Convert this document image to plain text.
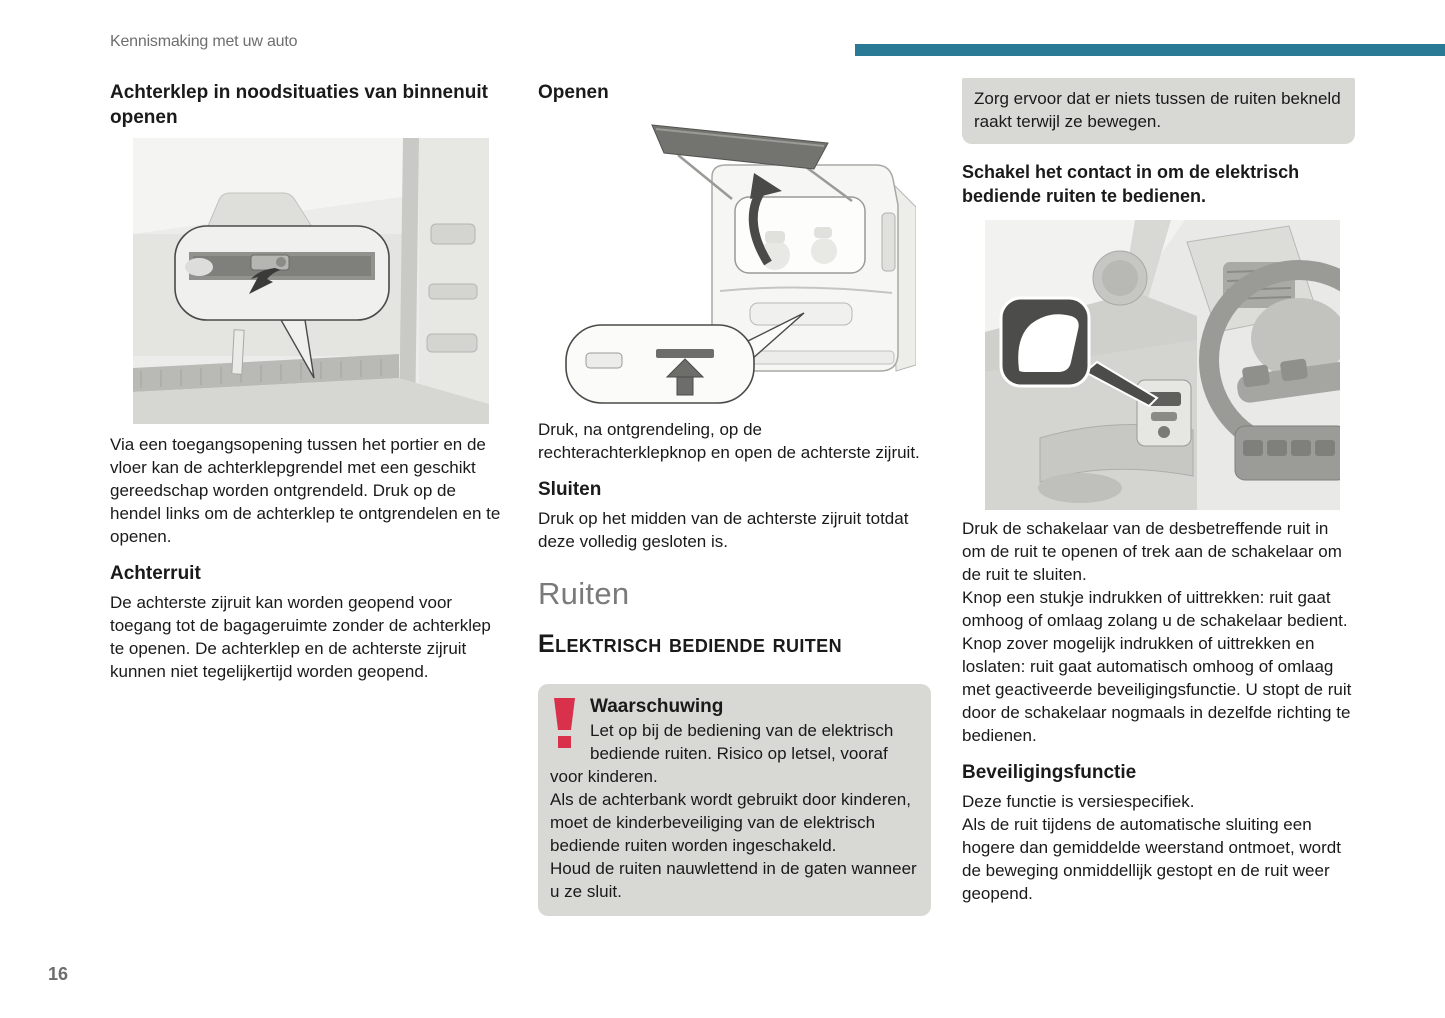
Kennismaking met uw auto
Achterklep in noodsituaties van binnenuit openen

Via een toegangsopening tussen het portier en de vloer kan de achterklepgrendel met een geschikt gereedschap worden ontgrendeld. Druk op de hendel links om de achterklep te ontgrendelen en te openen.

Achterruit

De achterste zijruit kan worden geopend voor toegang tot de bagageruimte zonder de achterklep te openen. De achterklep en de achterste zijruit kunnen niet tegelijkertijd worden geopend.

Openen

Druk, na ontgrendeling, op de rechterachterklepknop en open de achterste zijruit.

Sluiten

Druk op het midden van de achterste zijruit totdat deze volledig gesloten is.

Ruiten
Elektrisch bediende ruiten
Waarschuwing

Let op bij de bediening van de elektrisch bediende ruiten. Risico op letsel, vooraf voor kinderen.

Als de achterbank wordt gebruikt door kinderen, moet de kinderbeveiliging van de elektrisch bediende ruiten worden ingeschakeld.

Houd de ruiten nauwlettend in de gaten wanneer u ze sluit.

Zorg ervoor dat er niets tussen de ruiten bekneld raakt terwijl ze bewegen.

Schakel het contact in om de elektrisch bediende ruiten te bedienen.

Druk de schakelaar van de desbetreffende ruit in om de ruit te openen of trek aan de schakelaar om de ruit te sluiten.

Knop een stukje indrukken of uittrekken: ruit gaat omhoog of omlaag zolang u de schakelaar bedient.

Knop zover mogelijk indrukken of uittrekken en loslaten: ruit gaat automatisch omhoog of omlaag met geactiveerde beveiligingsfunctie. U stopt de ruit door de schakelaar nogmaals in dezelfde richting te bedienen.

Beveiligingsfunctie

Deze functie is versiespecifiek.

Als de ruit tijdens de automatische sluiting een hogere dan gemiddelde weerstand ontmoet, wordt de beweging onmiddellijk gestopt en de ruit weer geopend.

16
